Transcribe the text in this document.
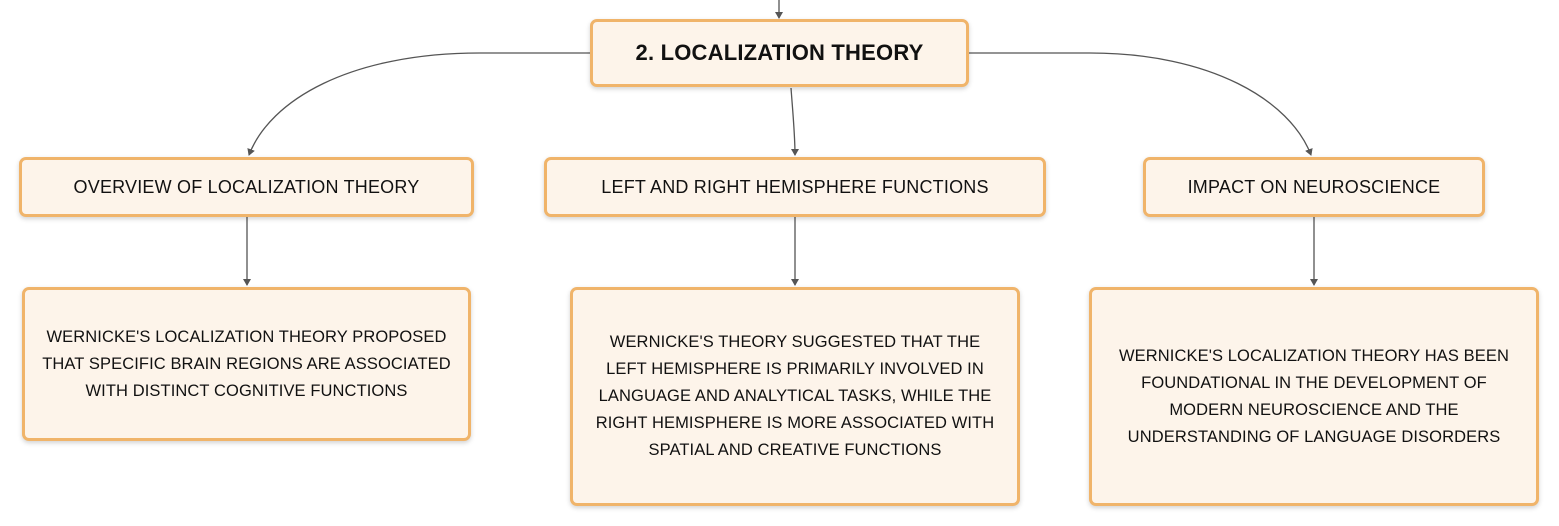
2. LOCALIZATION THEORY
OVERVIEW OF LOCALIZATION THEORY	LEFT AND RIGHT HEMISPHERE FUNCTIONS	IMPACT ON NEUROSCIENCE
WERNICKE'S LOCALIZATION THEORY PROPOSED THAT SPECIFIC BRAIN REGIONS ARE ASSOCIATED WITH DISTINCT COGNITIVE FUNCTIONS
WERNICKE'S THEORY SUGGESTED THAT THE LEFT HEMISPHERE IS PRIMARILY INVOLVED IN LANGUAGE AND ANALYTICAL TASKS, WHILE THE RIGHT HEMISPHERE IS MORE ASSOCIATED WITH SPATIAL AND CREATIVE FUNCTIONS
WERNICKE'S LOCALIZATION THEORY HAS BEEN FOUNDATIONAL IN THE DEVELOPMENT OF MODERN NEUROSCIENCE AND THE UNDERSTANDING OF LANGUAGE DISORDERS
